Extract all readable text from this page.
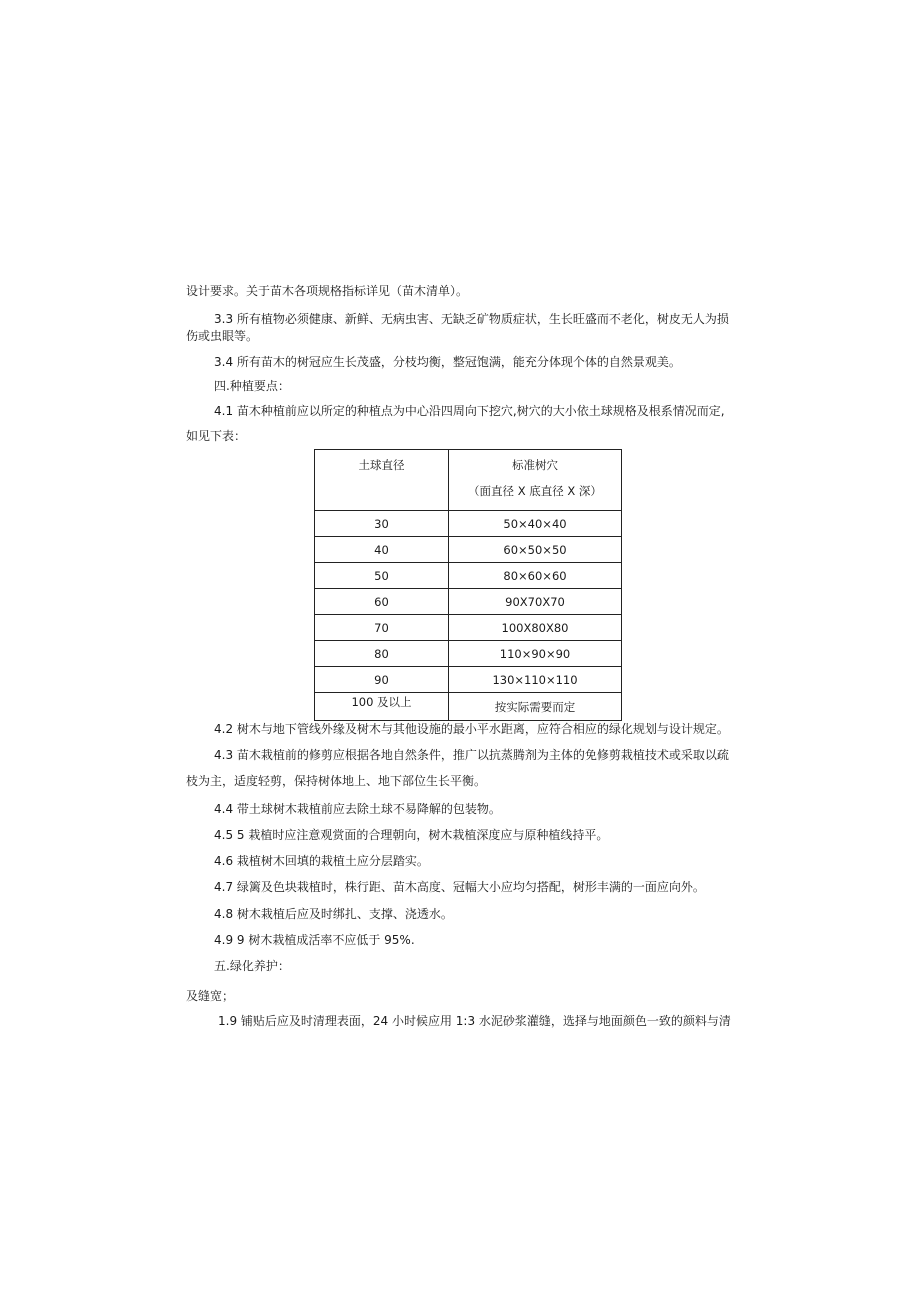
设计要求。关于苗木各项规格指标详见（苗木清单）。
3.3 所有植物必须健康、新鲜、无病虫害、无缺乏矿物质症状，生长旺盛而不老化，树皮无人为损
伤或虫眼等。
3.4 所有苗木的树冠应生长茂盛，分枝均衡，整冠饱满，能充分体现个体的自然景观美。
四.种植要点：
4.1 苗木种植前应以所定的种植点为中心沿四周向下挖穴,树穴的大小依土球规格及根系情况而定,
如见下表：
土球直径	标准树穴
（面直径 X 底直径 X 深）

30	50×40×40
40	60×50×50
50	80×60×60
60	90X70X70
70	100X80X80
80	110×90×90
90	130×110×110
100 及以上	按实际需要而定
4.2 树木与地下管线外缘及树木与其他设施的最小平水距离，应符合相应的绿化规划与设计规定。
4.3 苗木栽植前的修剪应根据各地自然条件，推广以抗蒸腾剂为主体的免修剪栽植技术或采取以疏
枝为主，适度轻剪，保持树体地上、地下部位生长平衡。
4.4 带土球树木栽植前应去除土球不易降解的包装物。
4.5 5 栽植时应注意观赏面的合理朝向，树木栽植深度应与原种植线持平。
4.6 栽植树木回填的栽植土应分层踏实。
4.7 绿篱及色块栽植时，株行距、苗木高度、冠幅大小应均匀搭配，树形丰满的一面应向外。
4.8 树木栽植后应及时绑扎、支撑、浇透水。
4.9 9 树木栽植成活率不应低于 95%.
五.绿化养护：
及缝宽；
1.9 铺贴后应及时清理表面，24 小时候应用 1:3 水泥砂浆灌缝，选择与地面颜色一致的颜料与清
